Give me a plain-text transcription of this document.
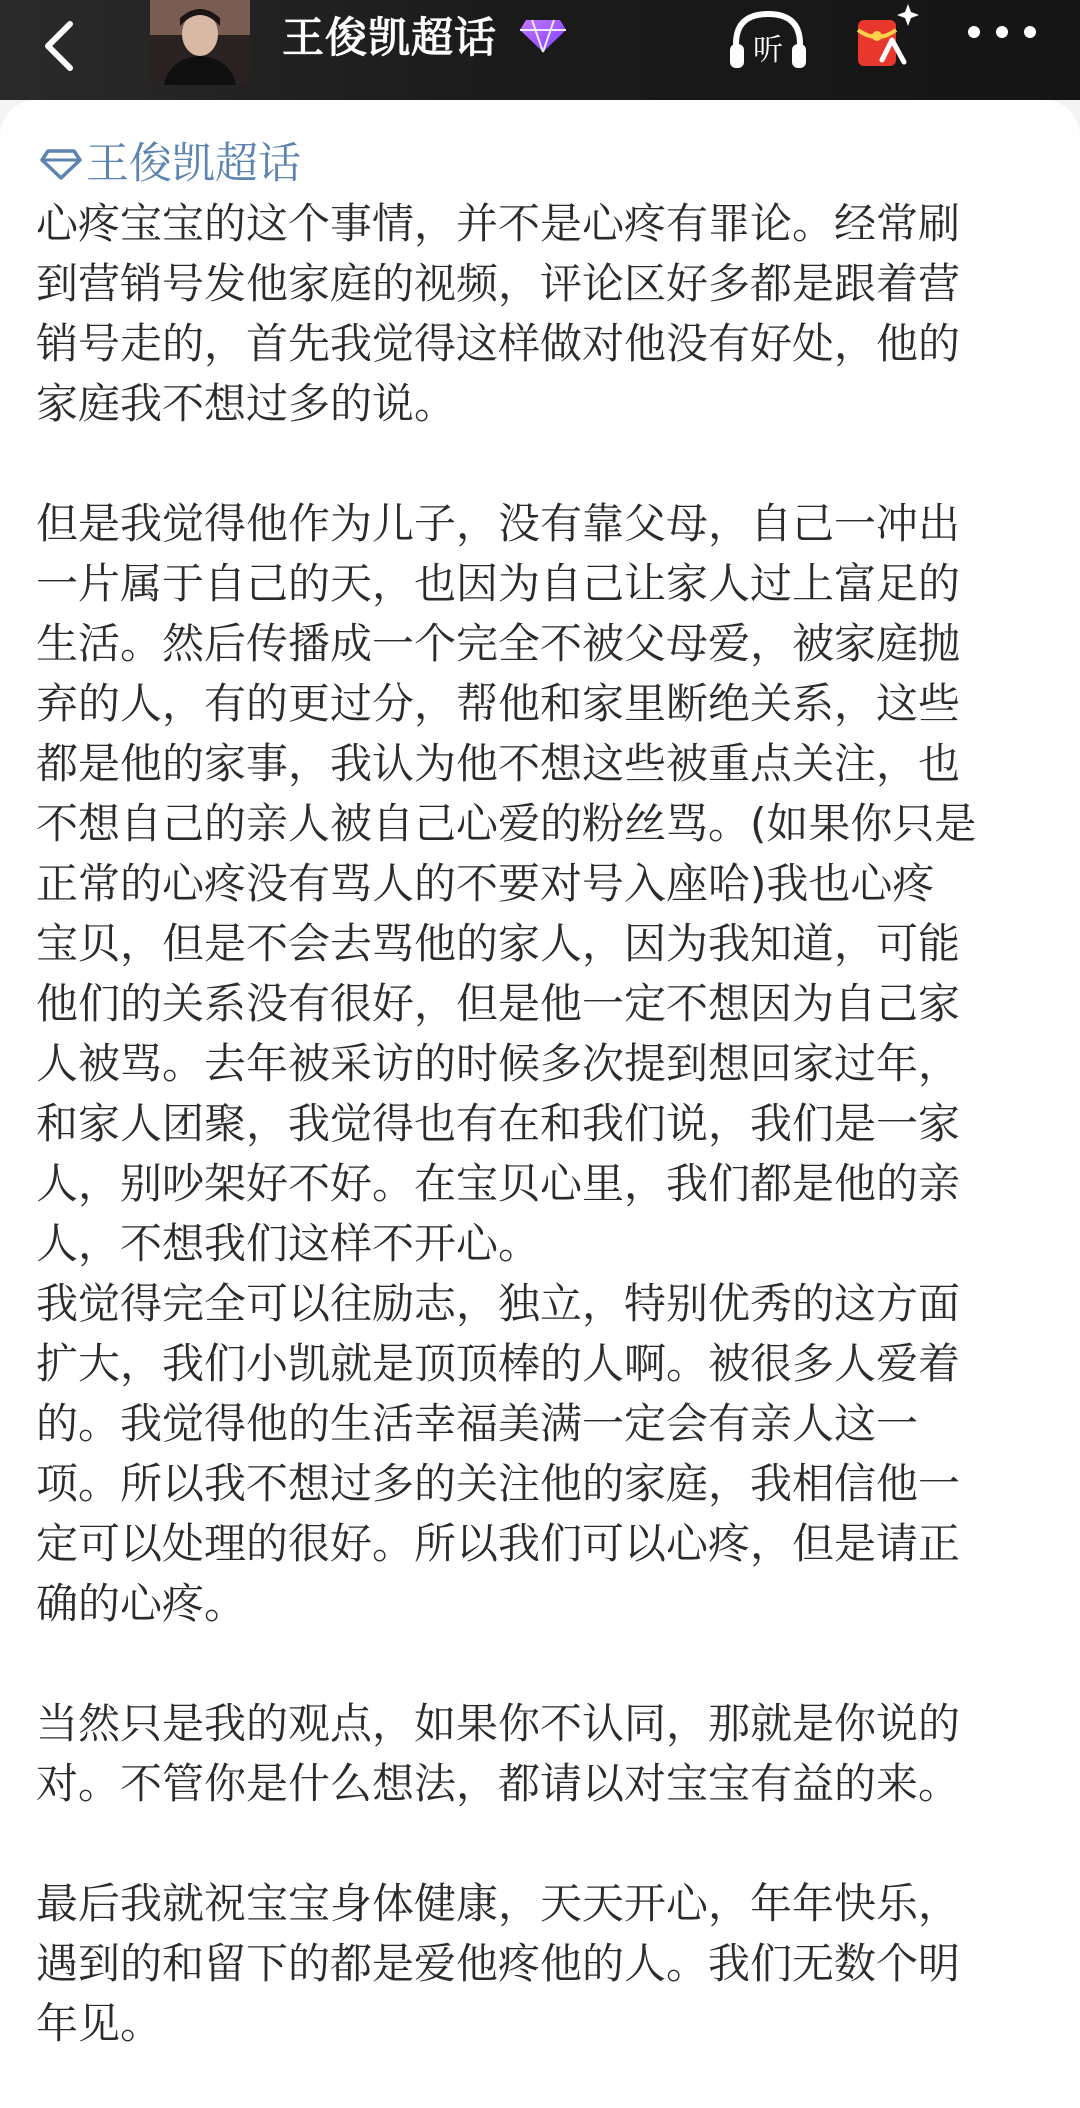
王俊凯超话	听
王俊凯超话

心疼宝宝的这个事情，并不是心疼有罪论。经常刷
到营销号发他家庭的视频，评论区好多都是跟着营
销号走的，首先我觉得这样做对他没有好处，他的
家庭我不想过多的说。

但是我觉得他作为儿子，没有靠父母，自己一冲出
一片属于自己的天，也因为自己让家人过上富足的
生活。然后传播成一个完全不被父母爱，被家庭抛
弃的人，有的更过分，帮他和家里断绝关系，这些
都是他的家事，我认为他不想这些被重点关注，也
不想自己的亲人被自己心爱的粉丝骂。(如果你只是
正常的心疼没有骂人的不要对号入座哈)我也心疼
宝贝，但是不会去骂他的家人，因为我知道，可能
他们的关系没有很好，但是他一定不想因为自己家
人被骂。去年被采访的时候多次提到想回家过年，
和家人团聚，我觉得也有在和我们说，我们是一家
人，别吵架好不好。在宝贝心里，我们都是他的亲
人，不想我们这样不开心。

我觉得完全可以往励志，独立，特别优秀的这方面
扩大，我们小凯就是顶顶棒的人啊。被很多人爱着
的。我觉得他的生活幸福美满一定会有亲人这一
项。所以我不想过多的关注他的家庭，我相信他一
定可以处理的很好。所以我们可以心疼，但是请正
确的心疼。

当然只是我的观点，如果你不认同，那就是你说的
对。不管你是什么想法，都请以对宝宝有益的来。

最后我就祝宝宝身体健康，天天开心，年年快乐，
遇到的和留下的都是爱他疼他的人。我们无数个明
年见。
